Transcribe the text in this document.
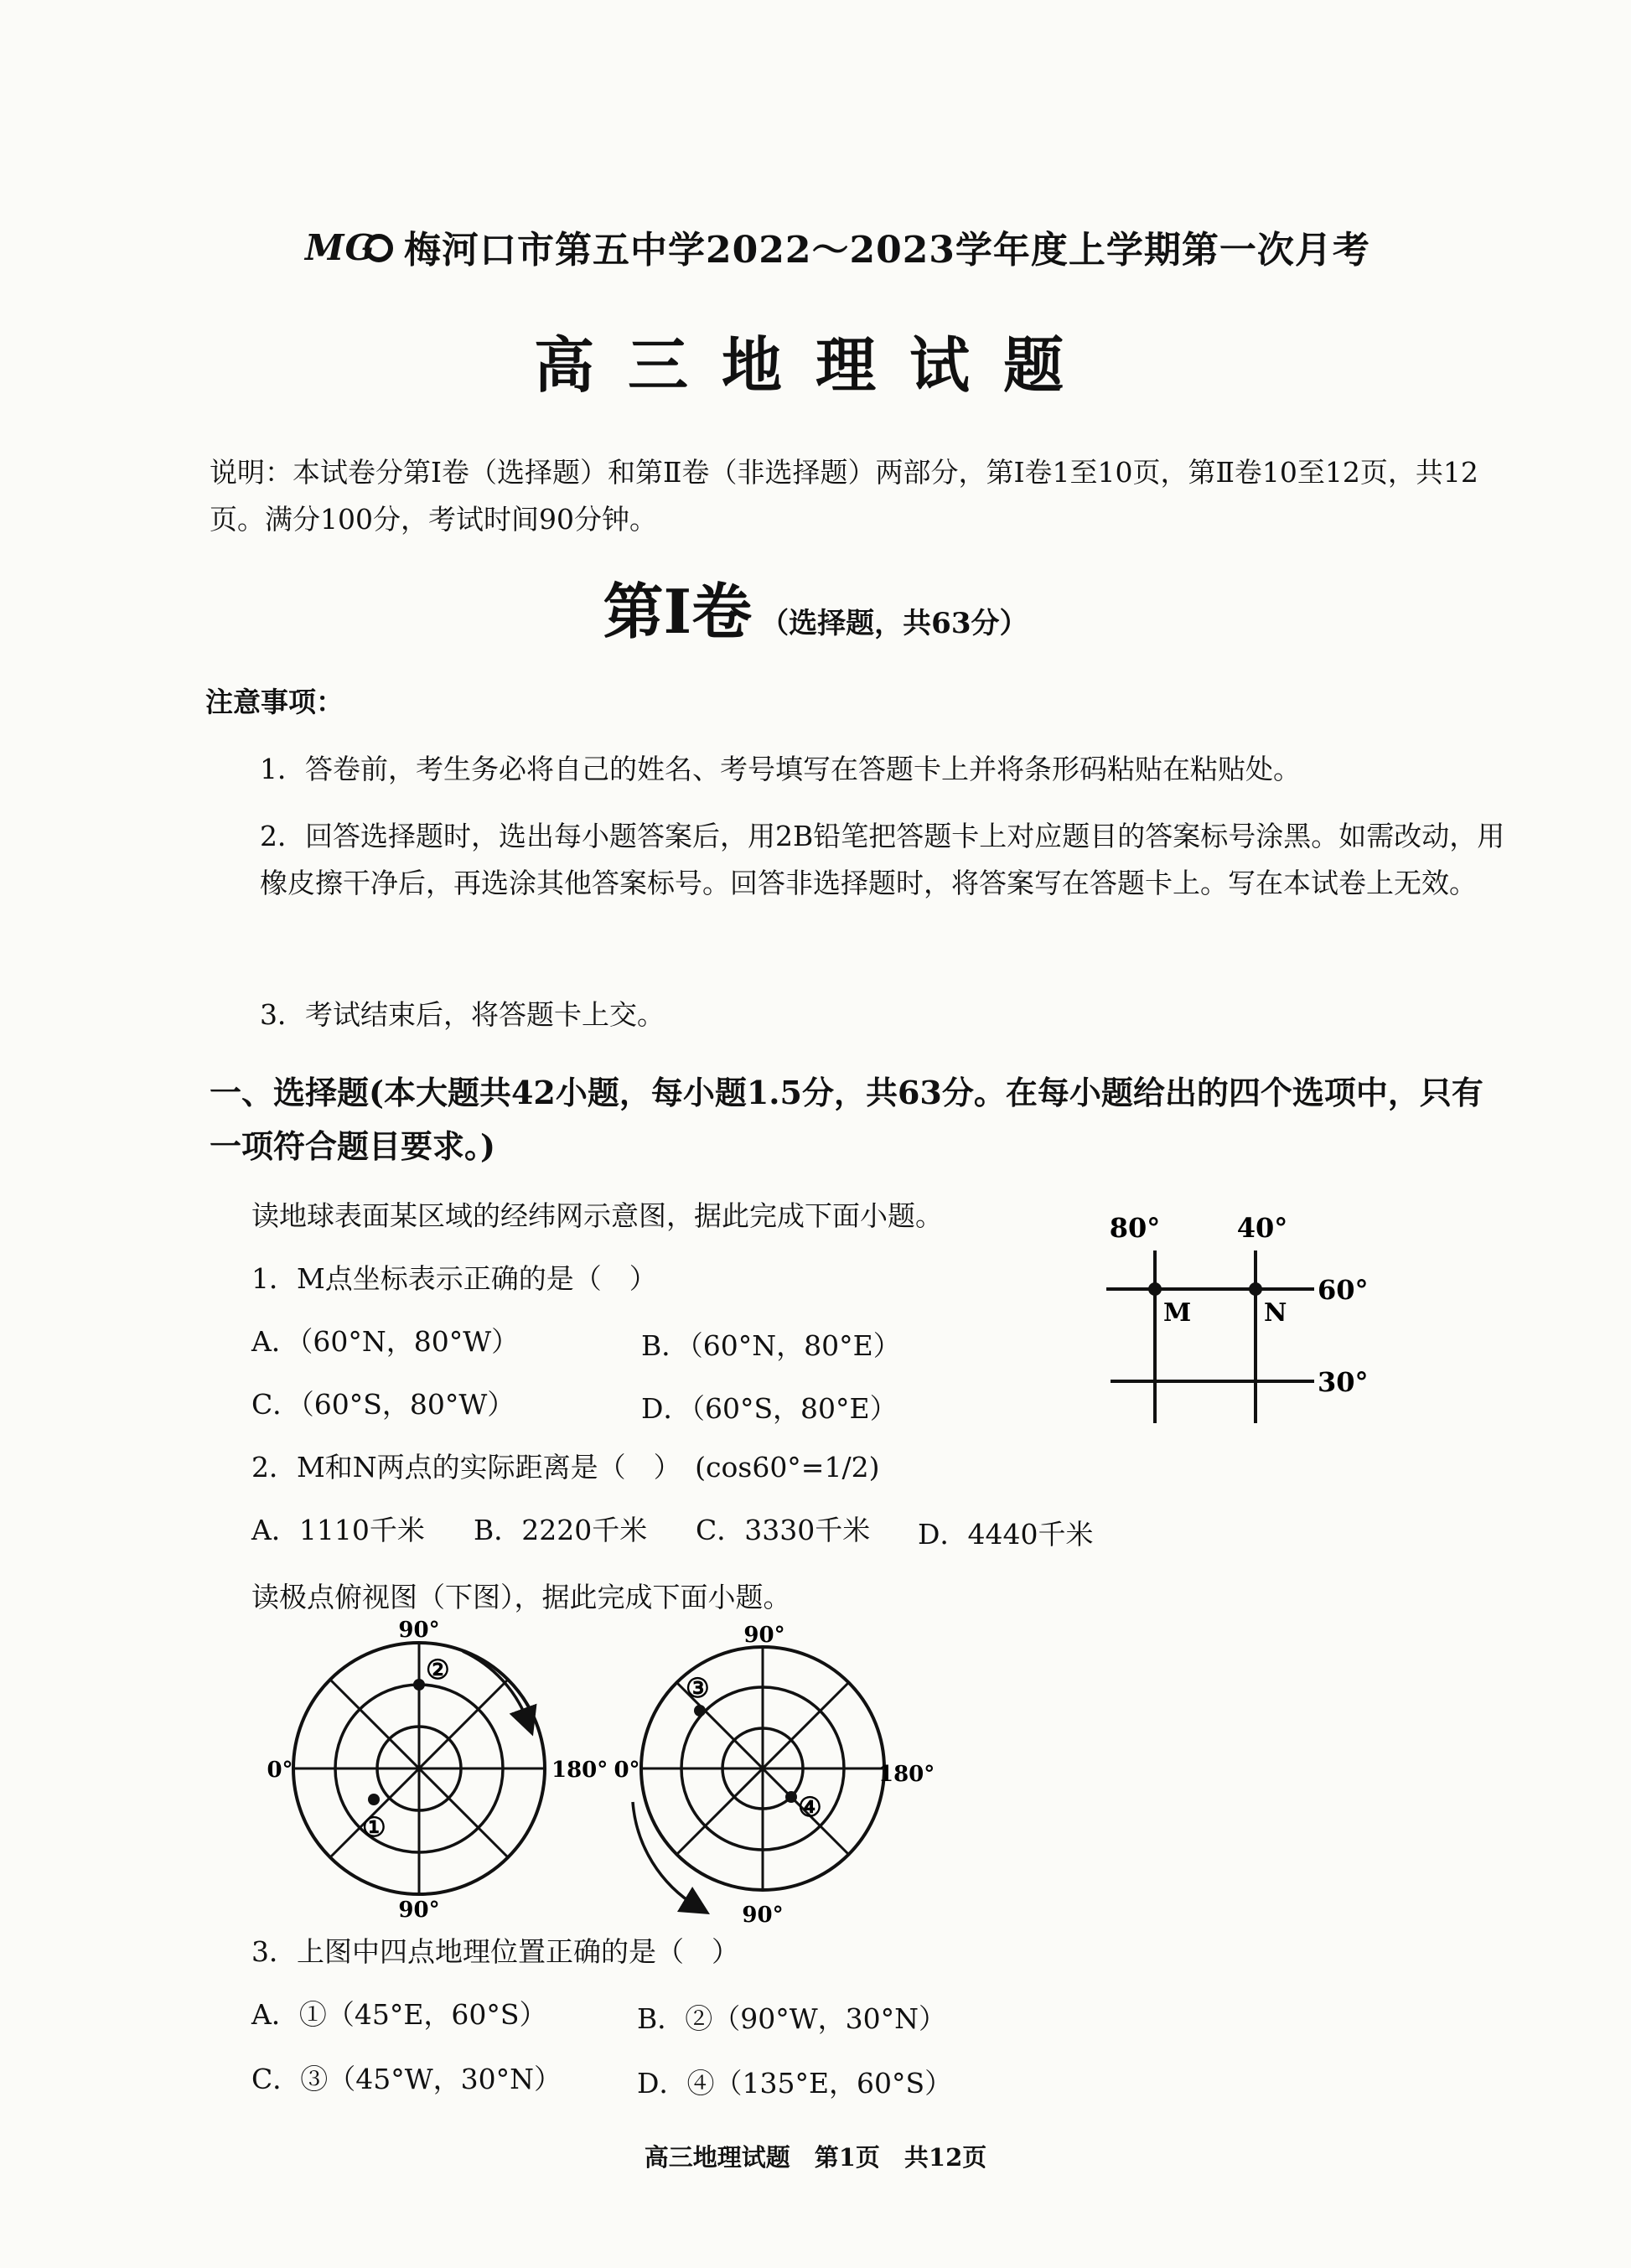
MG 梅河口市第五中学2022～2023学年度上学期第一次月考
高三地理试题
说明：本试卷分第Ⅰ卷（选择题）和第Ⅱ卷（非选择题）两部分，第Ⅰ卷1至10页，第Ⅱ卷10至12页，共12页。满分100分，考试时间90分钟。
第Ⅰ卷 （选择题，共63分）
注意事项：
1．答卷前，考生务必将自己的姓名、考号填写在答题卡上并将条形码粘贴在粘贴处。
2．回答选择题时，选出每小题答案后，用2B铅笔把答题卡上对应题目的答案标号涂黑。如需改动，用橡皮擦干净后，再选涂其他答案标号。回答非选择题时，将答案写在答题卡上。写在本试卷上无效。
3．考试结束后，将答题卡上交。
一、选择题(本大题共42小题，每小题1.5分，共63分。在每小题给出的四个选项中，只有一项符合题目要求。)
读地球表面某区域的经纬网示意图，据此完成下面小题。
1．M点坐标表示正确的是（　）
A．（60°N，80°W）	B．（60°N，80°E）
C．（60°S，80°W）	D．（60°S，80°E）
2．M和N两点的实际距离是（　）　(cos60°=1/2)
A．1110千米 B．2220千米 C．3330千米 D．4440千米
80°	40°
M	N
60°
30°
读极点俯视图（下图），据此完成下面小题。
90°
0°	180°
90°
②
①
90°
0°	180°
90°
③
④
3．上图中四点地理位置正确的是（　）
A．①（45°E，60°S）	B．②（90°W，30°N）
C．③（45°W，30°N）	D．④（135°E，60°S）
高三地理试题　第1页　共12页
